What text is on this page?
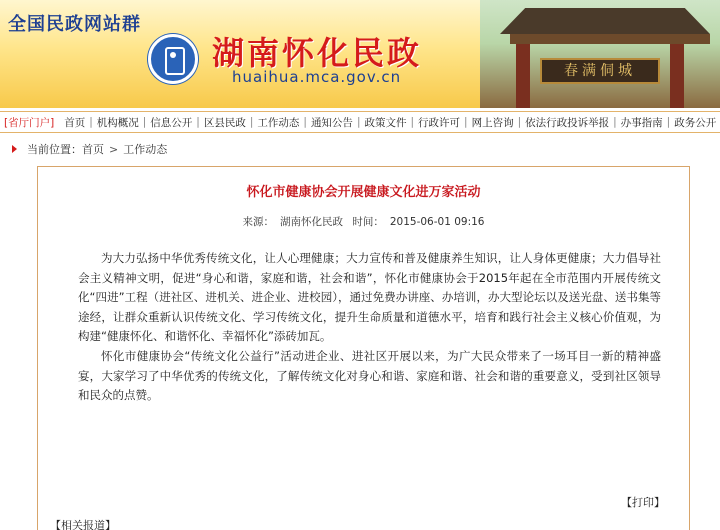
全国民政网站群
湖南怀化民政
huaihua.mca.gov.cn	春满侗城
[省厅门户] 首页 | 机构概况 | 信息公开 | 区县民政 | 工作动态 | 通知公告 | 政策文件 | 行政许可 | 网上咨询 | 依法行政投诉举报 | 办事指南 | 政务公开
当前位置： 首页 > 工作动态
怀化市健康协会开展健康文化进万家活动
来源： 湖南怀化民政 时间： 2015-06-01 09:16

为大力弘扬中华优秀传统文化，让人心理健康；大力宣传和普及健康养生知识，让人身体更健康；大力倡导社会主义精神文明，促进“身心和谐，家庭和谐，社会和谐”，怀化市健康协会于2015年起在全市范围内开展传统文化“四进”工程（进社区、进机关、进企业、进校园），通过免费办讲座、办培训，办大型论坛以及送光盘、送书集等途经，让群众重新认识传统文化、学习传统文化，提升生命质量和道德水平，培育和践行社会主义核心价值观，为构建“健康怀化、和谐怀化、幸福怀化”添砖加瓦。

怀化市健康协会“传统文化公益行”活动进企业、进社区开展以来，为广大民众带来了一场耳目一新的精神盛宴，大家学习了中华优秀的传统文化，了解传统文化对身心和谐、家庭和谐、社会和谐的重要意义，受到社区领导和民众的点赞。

【打印】
【相关报道】
